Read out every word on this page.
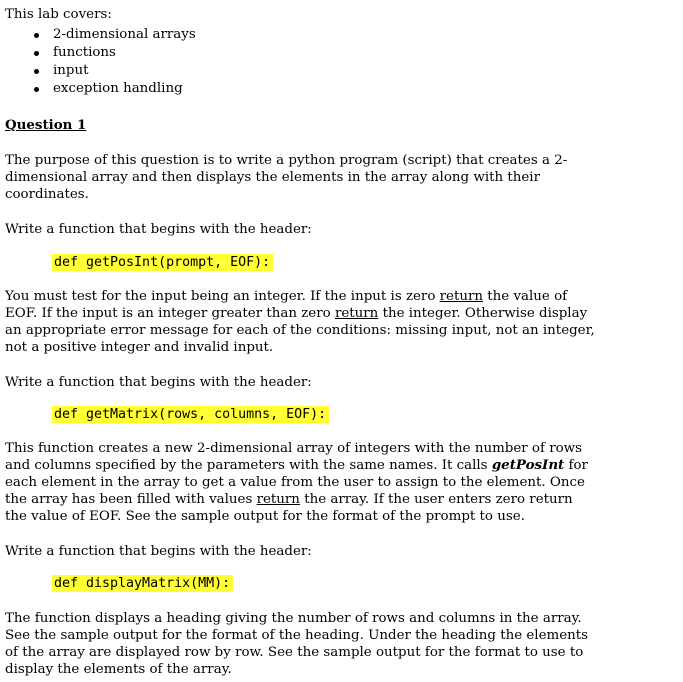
This lab covers:

2-dimensional arrays
functions
input
exception handling

Question 1

The purpose of this question is to write a python program (script) that creates a 2-dimensional array and then displays the elements in the array along with their coordinates.

Write a function that begins with the header:

def getPosInt(prompt, EOF):

You must test for the input being an integer. If the input is zero return the value of EOF. If the input is an integer greater than zero return the integer. Otherwise display an appropriate error message for each of the conditions: missing input, not an integer, not a positive integer and invalid input.

Write a function that begins with the header:

def getMatrix(rows, columns, EOF):

This function creates a new 2-dimensional array of integers with the number of rows and columns specified by the parameters with the same names. It calls getPosInt for each element in the array to get a value from the user to assign to the element. Once the array has been filled with values return the array. If the user enters zero return the value of EOF. See the sample output for the format of the prompt to use.

Write a function that begins with the header:

def displayMatrix(MM):

The function displays a heading giving the number of rows and columns in the array. See the sample output for the format of the heading. Under the heading the elements of the array are displayed row by row. See the sample output for the format to use to display the elements of the array.
